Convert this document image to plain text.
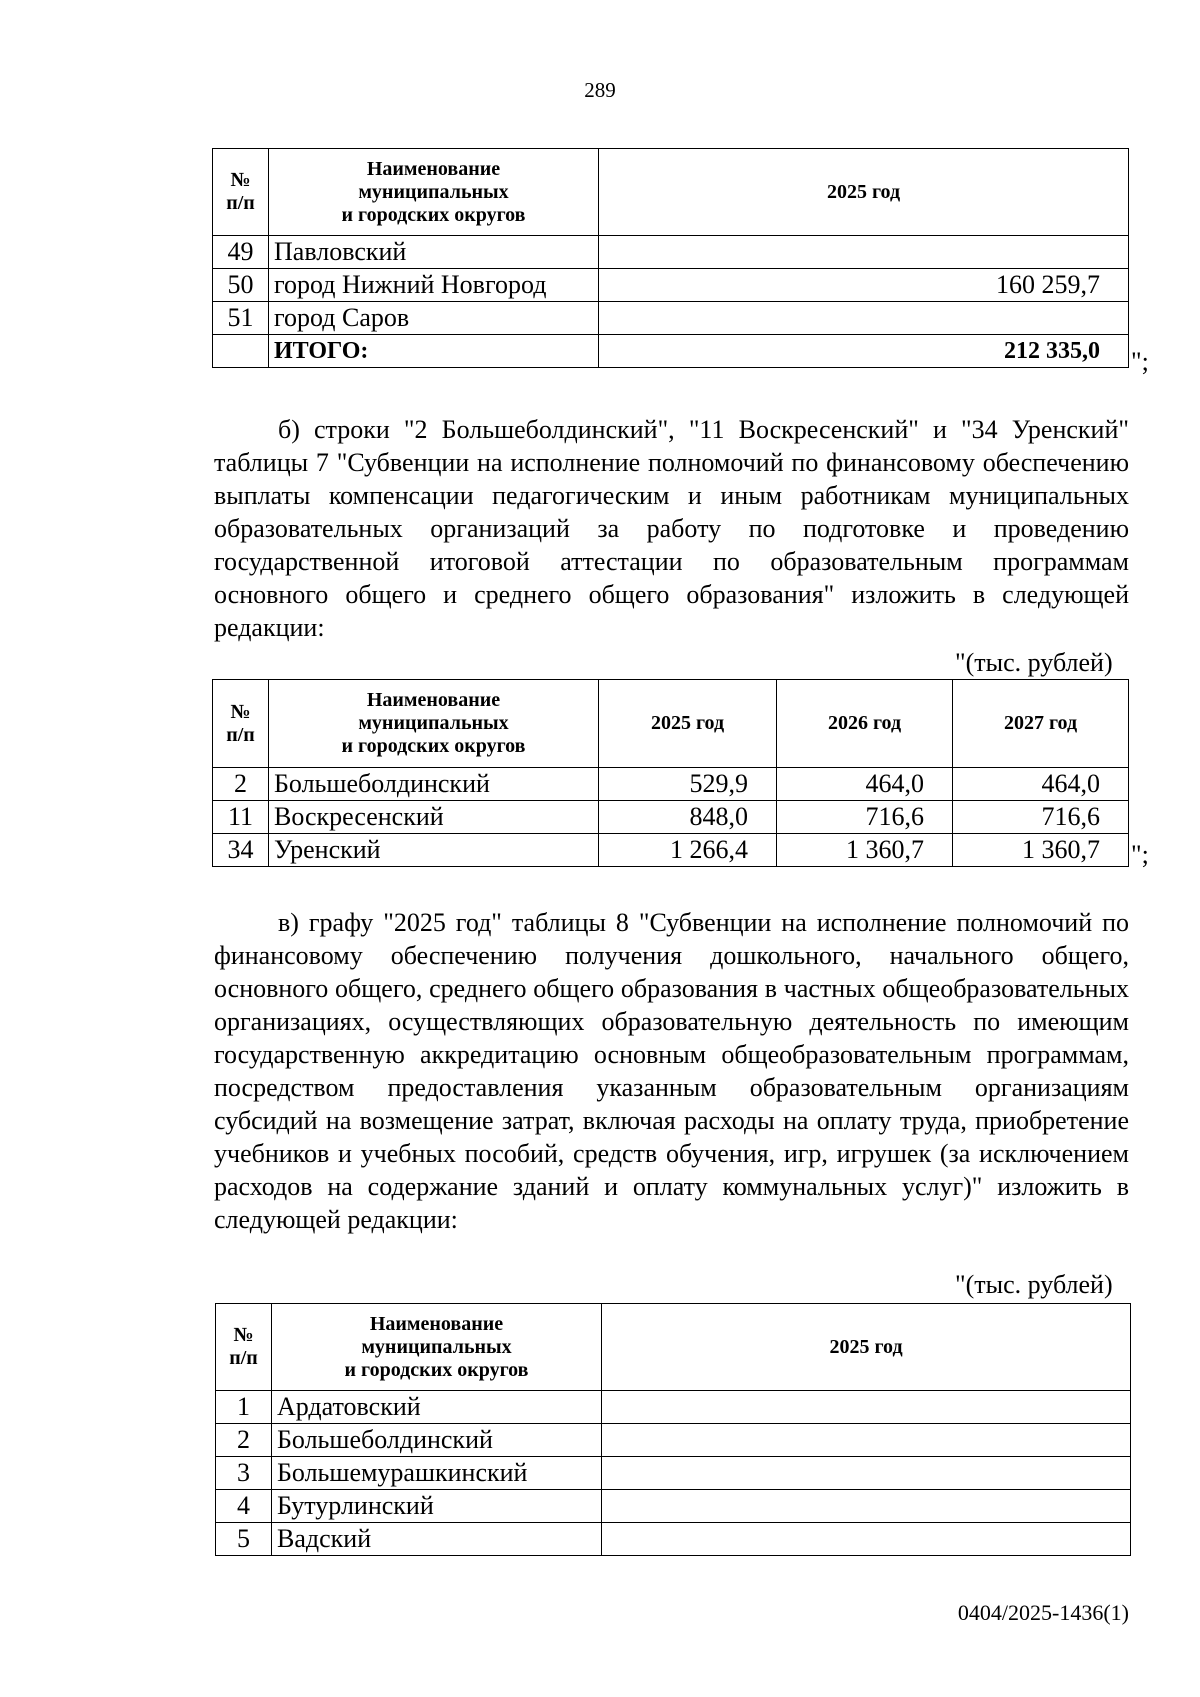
289
№
п/п	Наименование
муниципальных
и городских округов	2025 год
49	Павловский	
50	город Нижний Новгород	160 259,7
51	город Саров	
	ИТОГО:	212 335,0 ";
б) строки "2 Большеболдинский", "11 Воскресенский" и "34 Уренский" таблицы 7 "Субвенции на исполнение полномочий по финансовому обеспечению выплаты компенсации педагогическим и иным работникам муниципальных образовательных организаций за работу по подготовке и проведению государственной итоговой аттестации по образовательным программам основного общего и среднего общего образования" изложить в следующей редакции:
"(тыс. рублей)
№
п/п	Наименование
муниципальных
и городских округов	2025 год	2026 год	2027 год
2	Большеболдинский	529,9	464,0	464,0
11	Воскресенский	848,0	716,6	716,6
34	Уренский	1 266,4	1 360,7	1 360,7 ";
в) графу "2025 год" таблицы 8 "Субвенции на исполнение полномочий по финансовому обеспечению получения дошкольного, начального общего, основного общего, среднего общего образования в частных общеобразовательных организациях, осуществляющих образовательную деятельность по имеющим государственную аккредитацию основным общеобразовательным программам, посредством предоставления указанным образовательным организациям субсидий на возмещение затрат, включая расходы на оплату труда, приобретение учебников и учебных пособий, средств обучения, игр, игрушек (за исключением расходов на содержание зданий и оплату коммунальных услуг)" изложить в следующей редакции:
"(тыс. рублей)
№
п/п	Наименование
муниципальных
и городских округов	2025 год
1	Ардатовский	
2	Большеболдинский	
3	Большемурашкинский	
4	Бутурлинский	
5	Вадский	
0404/2025-1436(1)
